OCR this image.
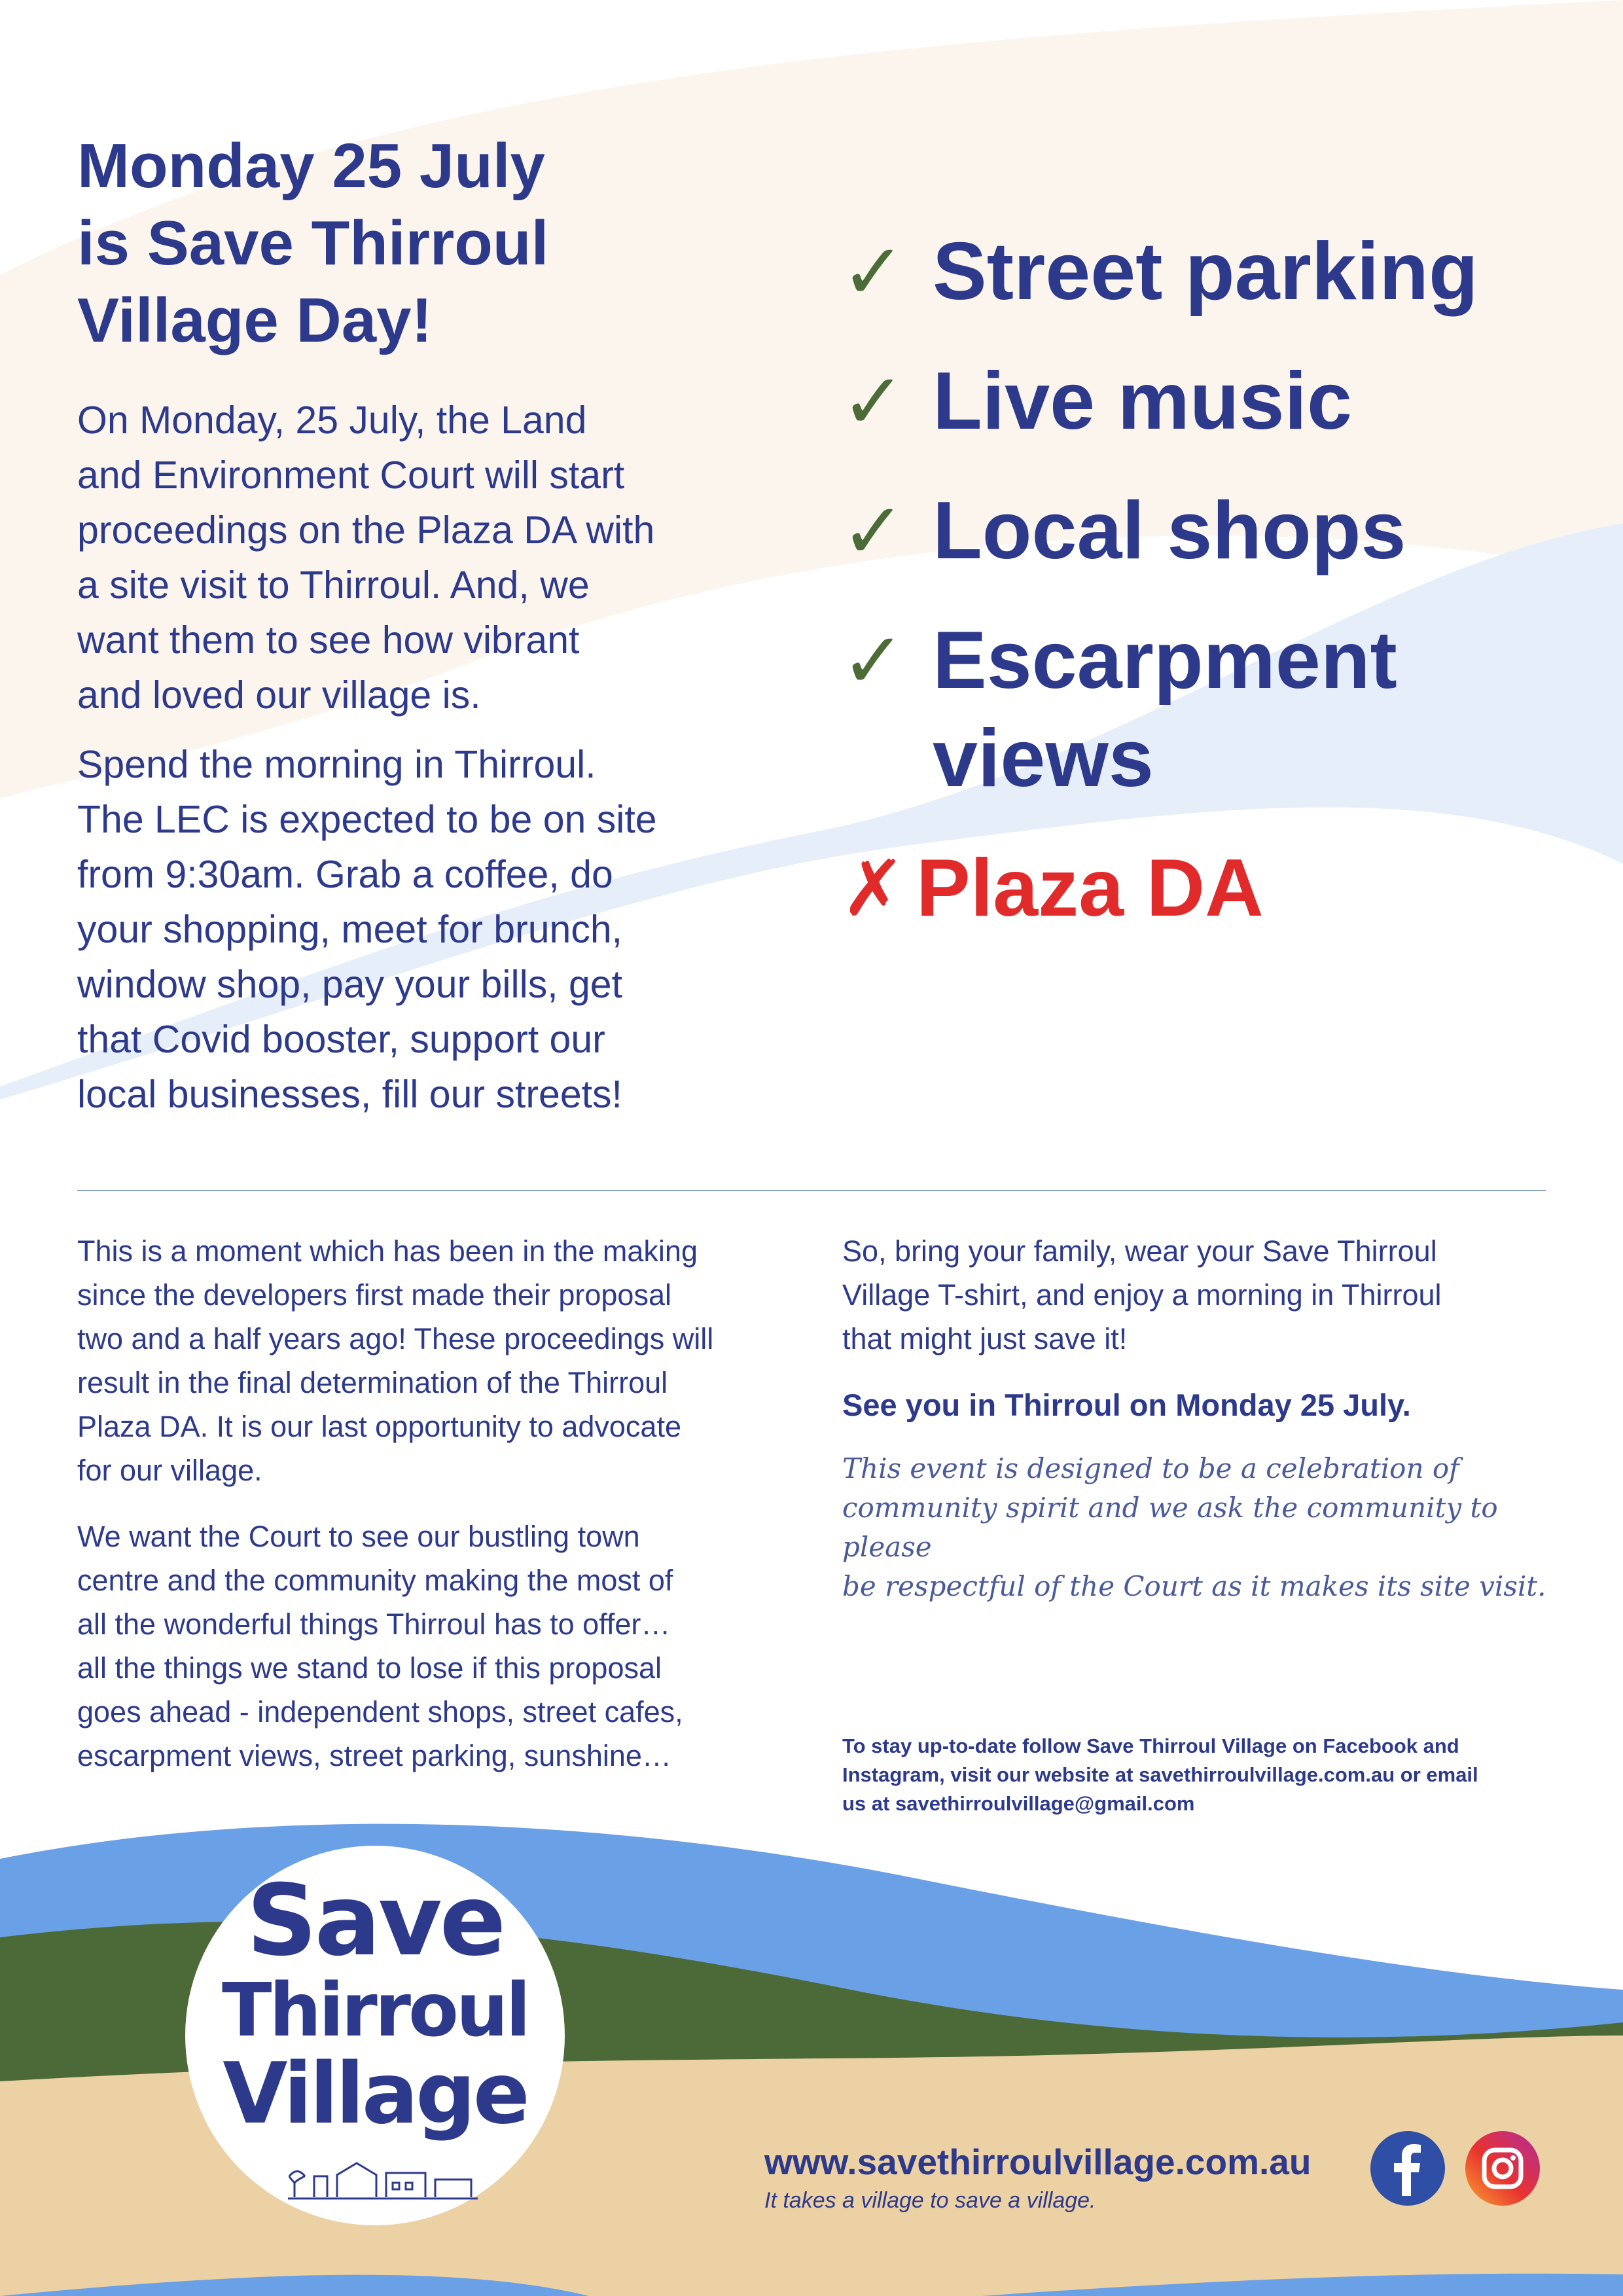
Monday 25 July
is Save Thirroul
Village Day!

On Monday, 25 July, the Land
and Environment Court will start
proceedings on the Plaza DA with
a site visit to Thirroul. And, we
want them to see how vibrant
and loved our village is.

Spend the morning in Thirroul.
The LEC is expected to be on site
from 9:30am. Grab a coffee, do
your shopping, meet for brunch,
window shop, pay your bills, get
that Covid booster, support our
local businesses, fill our streets!

✓ Street parking
✓ Live music
✓ Local shops
✓ Escarpment
views
✗ Plaza DA

This is a moment which has been in the making
since the developers first made their proposal
two and a half years ago! These proceedings will
result in the final determination of the Thirroul
Plaza DA. It is our last opportunity to advocate
for our village.

We want the Court to see our bustling town
centre and the community making the most of
all the wonderful things Thirroul has to offer…
all the things we stand to lose if this proposal
goes ahead - independent shops, street cafes,
escarpment views, street parking, sunshine…

So, bring your family, wear your Save Thirroul
Village T-shirt, and enjoy a morning in Thirroul
that might just save it!

See you in Thirroul on Monday 25 July.

This event is designed to be a celebration of
community spirit and we ask the community to please
be respectful of the Court as it makes its site visit.

To stay up-to-date follow Save Thirroul Village on Facebook and
Instagram, visit our website at savethirroulvillage.com.au or email
us at savethirroulvillage@gmail.com

Save
Thirroul
Village

www.savethirroulvillage.com.au

It takes a village to save a village.
